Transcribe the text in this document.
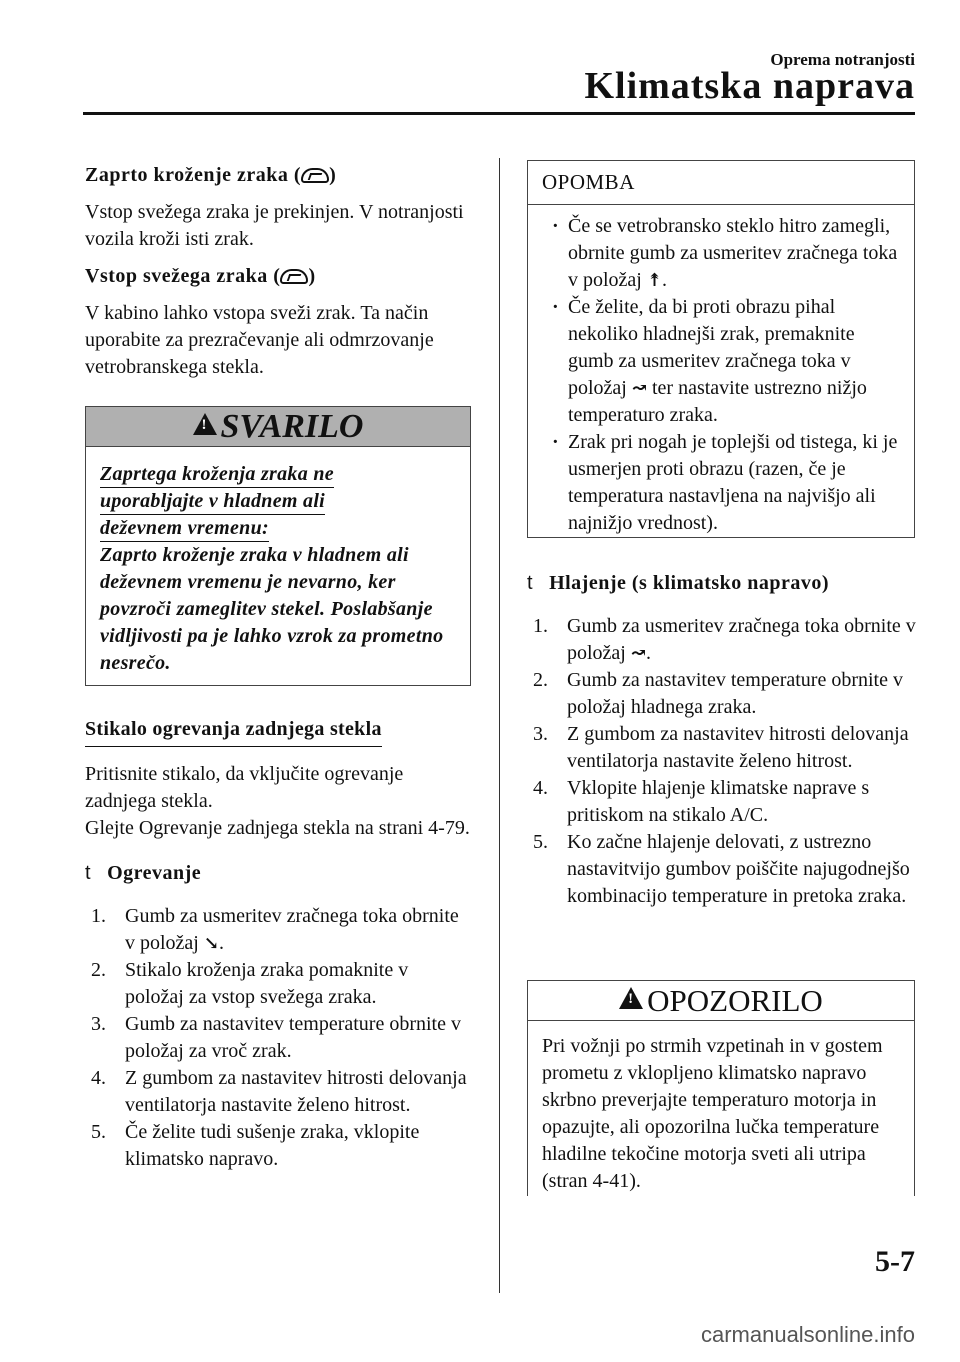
Oprema notranjosti
Klimatska naprava

Zaprto kroženje zraka ( )

Vstop svežega zraka je prekinjen. V notranjosti vozila kroži isti zrak.

Vstop svežega zraka ( )

V kabino lahko vstopa sveži zrak. Ta način uporabite za prezračevanje ali odmrzovanje vetrobranskega stekla.

!SVARILO
Zaprtega kroženja zraka ne
uporabljajte v hladnem ali
deževnem vremenu:
Zaprto kroženje zraka v hladnem ali deževnem vremenu je nevarno, ker povzroči zameglitev stekel. Poslabšanje vidljivosti pa je lahko vzrok za prometno nesrečo.
Stikalo ogrevanja zadnjega stekla

Pritisnite stikalo, da vključite ogrevanje zadnjega stekla.

Glejte Ogrevanje zadnjega stekla na strani 4-79.

t Ogrevanje

1. Gumb za usmeritev zračnega toka obrnite v položaj ↘.
2. Stikalo kroženja zraka pomaknite v položaj za vstop svežega zraka.
3. Gumb za nastavitev temperature obrnite v položaj za vroč zrak.
4. Z gumbom za nastavitev hitrosti delovanja ventilatorja nastavite želeno hitrost.
5. Če želite tudi sušenje zraka, vklopite klimatsko napravo.
OPOMBA

· Če se vetrobransko steklo hitro zamegli, obrnite gumb za usmeritev zračnega toka v položaj ↟.

· Če želite, da bi proti obrazu pihal nekoliko hladnejši zrak, premaknite gumb za usmeritev zračnega toka v položaj ↝ ter nastavite ustrezno nižjo temperaturo zraka.

· Zrak pri nogah je toplejši od tistega, ki je usmerjen proti obrazu (razen, če je temperatura nastavljena na najvišjo ali najnižjo vrednost).

t Hlajenje (s klimatsko napravo)

1. Gumb za usmeritev zračnega toka obrnite v položaj ↝.
2. Gumb za nastavitev temperature obrnite v položaj hladnega zraka.
3. Z gumbom za nastavitev hitrosti delovanja ventilatorja nastavite želeno hitrost.
4. Vklopite hlajenje klimatske naprave s pritiskom na stikalo A/C.
5. Ko začne hlajenje delovati, z ustrezno nastavitvijo gumbov poiščite najugodnejšo kombinacijo temperature in pretoka zraka.
!OPOZORILO
Pri vožnji po strmih vzpetinah in v gostem prometu z vklopljeno klimatsko napravo skrbno preverjajte temperaturo motorja in opazujte, ali opozorilna lučka temperature hladilne tekočine motorja sveti ali utripa (stran 4-41).
5-7
carmanualsonline.info
